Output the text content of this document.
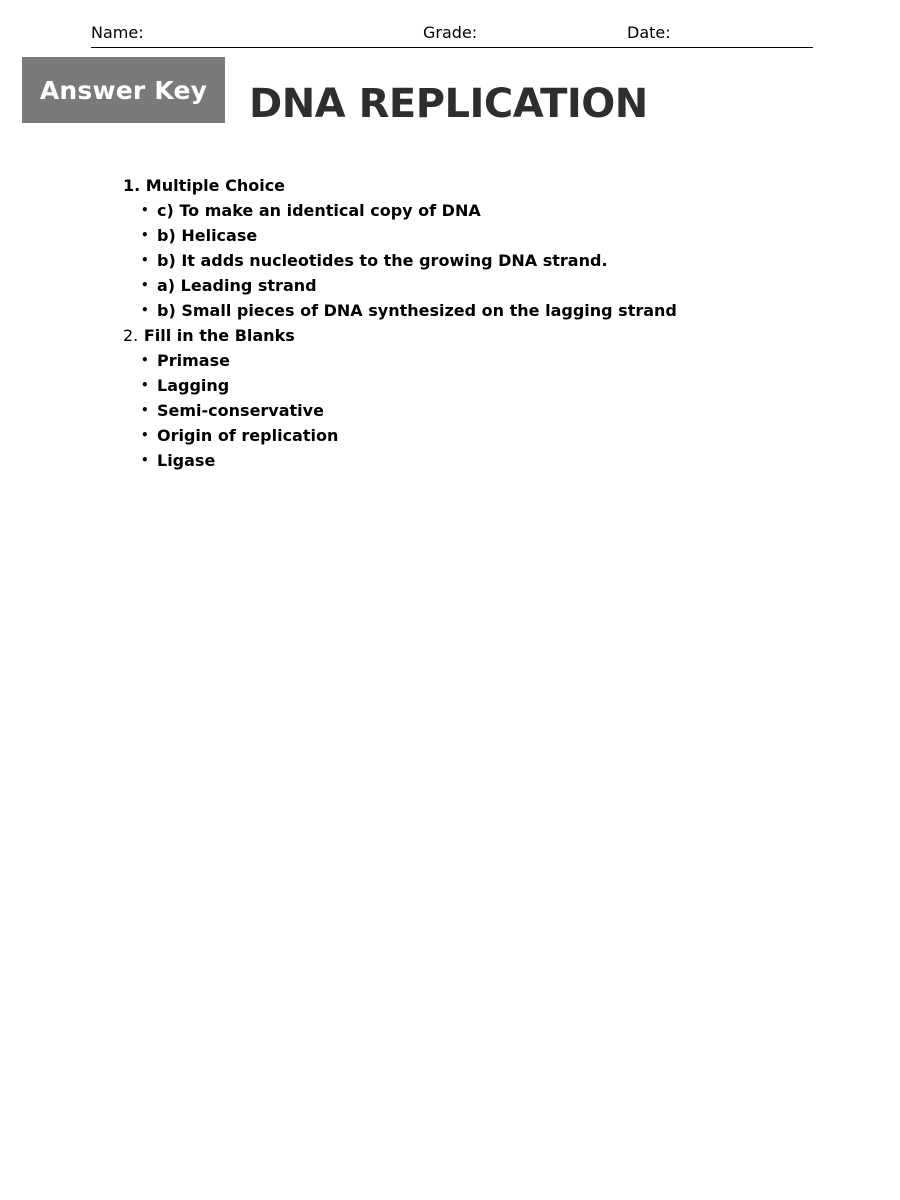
Name:	Grade:	Date:
Answer Key DNA REPLICATION
1. Multiple Choice
• c) To make an identical copy of DNA
• b) Helicase
• b) It adds nucleotides to the growing DNA strand.
• a) Leading strand
• b) Small pieces of DNA synthesized on the lagging strand
2. Fill in the Blanks
• Primase
• Lagging
• Semi-conservative
• Origin of replication
• Ligase
